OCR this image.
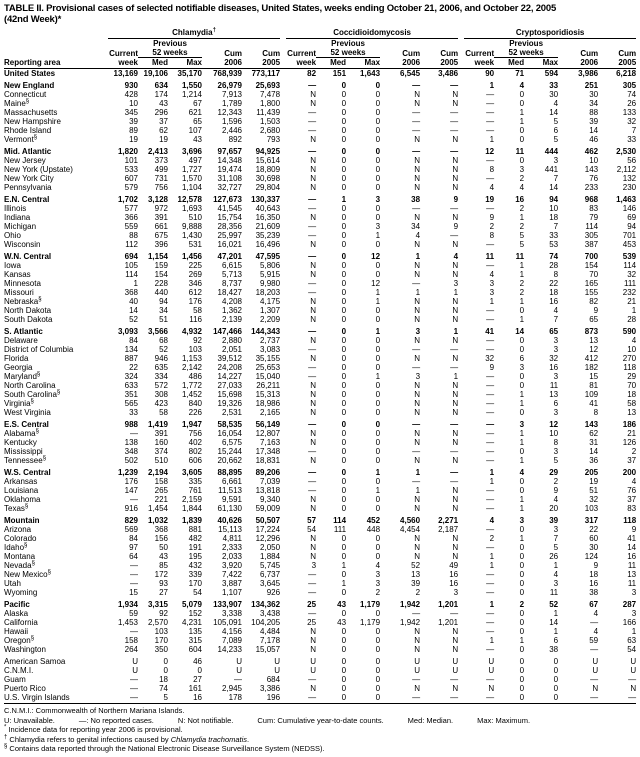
TABLE II. Provisional cases of selected notifiable diseases, United States, weeks ending October 21, 2006, and October 22, 2005
(42nd Week)*
Reporting area		Chlamydia†						Coccidioidomycosis						Cryptosporidiosis				
			Previous						Previous						Previous			
		Current	52 weeks		Cum	Cum		Current	52 weeks		Cum	Cum		Current	52 weeks		Cum	Cum
		week	Med	Max	2006	2005		week	Med	Max	2006	2005		week	Med	Max	2006	2005
United States		13,169	19,106	35,170	768,939	773,117		82	151	1,643	6,545	3,486		90	71	594	3,986	6,218
New England		930	634	1,550	26,979	25,693		—	0	0	—	—		1	4	33	251	305
Connecticut		428	174	1,214	7,913	7,478		N	0	0	N	N		—	0	30	30	74
Maine§		10	43	67	1,789	1,800		N	0	0	N	N		—	0	4	34	26
Massachusetts		345	296	621	12,343	11,439		—	0	0	—	—		—	1	14	88	133
New Hampshire		39	37	65	1,596	1,503		—	0	0	—	—		—	1	5	39	32
Rhode Island		89	62	107	2,446	2,680		—	0	0	—	—		—	0	6	14	7
Vermont§		19	19	43	892	793		N	0	0	N	N		1	0	5	46	33
Mid. Atlantic		1,820	2,413	3,696	97,657	94,925		—	0	0	—	—		12	11	444	462	2,530
New Jersey		101	373	497	14,348	15,614		N	0	0	N	N		—	0	3	10	56
New York (Upstate)		533	499	1,727	19,474	18,809		N	0	0	N	N		8	3	441	143	2,112
New York City		607	731	1,570	31,108	30,698		N	0	0	N	N		—	2	7	76	132
Pennsylvania		579	756	1,104	32,727	29,804		N	0	0	N	N		4	4	14	233	230
E.N. Central		1,702	3,128	12,578	127,673	130,337		—	1	3	38	9		19	16	94	968	1,463
Illinois		577	972	1,693	41,545	40,643		—	0	0	—	—		—	2	10	83	146
Indiana		366	391	510	15,754	16,350		N	0	0	N	N		9	1	18	79	69
Michigan		559	661	9,888	28,356	21,609		—	0	3	34	9		2	2	7	114	94
Ohio		88	675	1,430	25,997	35,239		—	0	1	4	—		8	5	33	305	701
Wisconsin		112	396	531	16,021	16,496		N	0	0	N	N		—	5	53	387	453
W.N. Central		694	1,154	1,456	47,201	47,595		—	0	12	1	4		11	11	74	700	539
Iowa		105	159	225	6,615	5,806		N	0	0	N	N		—	1	28	154	114
Kansas		114	154	269	5,713	5,915		N	0	0	N	N		4	1	8	70	32
Minnesota		1	228	346	8,737	9,980		—	0	12	—	3		3	2	22	165	111
Missouri		368	440	612	18,427	18,203		—	0	1	1	1		3	2	18	155	232
Nebraska§		40	94	176	4,208	4,175		N	0	1	N	N		1	1	16	82	21
North Dakota		14	34	58	1,362	1,307		N	0	0	N	N		—	0	4	9	1
South Dakota		52	51	116	2,139	2,209		N	0	0	N	N		—	1	7	65	28
S. Atlantic		3,093	3,566	4,932	147,466	144,343		—	0	1	3	1		41	14	65	873	590
Delaware		84	68	92	2,880	2,737		N	0	0	N	N		—	0	3	13	4
District of Columbia		134	52	103	2,051	3,083		—	0	0	—	—		—	0	3	12	10
Florida		887	946	1,153	39,512	35,155		N	0	0	N	N		32	6	32	412	270
Georgia		22	635	2,142	24,208	25,653		—	0	0	—	—		9	3	16	182	118
Maryland§		324	334	486	14,227	15,040		—	0	1	3	1		—	0	3	15	29
North Carolina		633	572	1,772	27,033	26,211		N	0	0	N	N		—	0	11	81	70
South Carolina§		351	308	1,452	15,698	15,313		N	0	0	N	N		—	1	13	109	18
Virginia§		565	423	840	19,326	18,986		N	0	0	N	N		—	1	6	41	58
West Virginia		33	58	226	2,531	2,165		N	0	0	N	N		—	0	3	8	13
E.S. Central		988	1,419	1,947	58,535	56,149		—	0	0	—	—		—	3	12	143	186
Alabama§		—	391	756	16,054	12,807		N	0	0	N	N		—	1	10	62	21
Kentucky		138	160	402	6,575	7,163		N	0	0	N	N		—	1	8	31	126
Mississippi		348	374	802	15,244	17,348		—	0	0	—	—		—	0	3	14	2
Tennessee§		502	510	606	20,662	18,831		N	0	0	N	N		—	1	5	36	37
W.S. Central		1,239	2,194	3,605	88,895	89,206		—	0	1	1	—		1	4	29	205	200
Arkansas		176	158	335	6,661	7,039		—	0	0	—	—		1	0	2	19	4
Louisiana		147	265	761	11,513	13,818		—	0	1	1	N		—	0	9	51	76
Oklahoma		—	221	2,159	9,591	9,340		N	0	0	N	N		—	1	4	32	37
Texas§		916	1,454	1,844	61,130	59,009		N	0	0	N	N		—	1	20	103	83
Mountain		829	1,032	1,839	40,626	50,507		57	114	452	4,560	2,271		4	3	39	317	118
Arizona		569	368	881	15,113	17,224		54	111	448	4,454	2,187		—	0	3	22	9
Colorado		84	156	482	4,811	12,296		N	0	0	N	N		2	1	7	60	41
Idaho§		97	50	191	2,333	2,050		N	0	0	N	N		—	0	5	30	14
Montana		64	43	195	2,033	1,884		N	0	0	N	N		1	0	26	124	16
Nevada§		—	85	432	3,920	5,745		3	1	4	52	49		1	0	1	9	11
New Mexico§		—	172	339	7,422	6,737		—	0	3	13	16		—	0	4	18	13
Utah		—	93	170	3,887	3,645		—	1	3	39	16		—	0	3	16	11
Wyoming		15	27	54	1,107	926		—	0	2	2	3		—	0	11	38	3
Pacific		1,934	3,315	5,079	133,907	134,362		25	43	1,179	1,942	1,201		1	2	52	67	287
Alaska		59	92	152	3,338	3,438		—	0	0	—	—		—	0	1	4	3
California		1,453	2,570	4,231	105,091	104,205		25	43	1,179	1,942	1,201		—	0	14	—	166
Hawaii		—	103	135	4,156	4,484		N	0	0	N	N		—	0	1	4	1
Oregon§		158	170	315	7,089	7,178		N	0	0	N	N		1	1	6	59	63
Washington		264	350	604	14,233	15,057		N	0	0	N	N		—	0	38	—	54
American Samoa		U	0	46	U	U		U	0	0	U	U		U	0	0	U	U
C.N.M.I.		U	0	0	U	U		U	0	0	U	U		U	0	0	U	U
Guam		—	18	27	—	684		—	0	0	—	—		—	0	0	—	—
Puerto Rico		—	74	161	2,945	3,386		N	0	0	N	N		N	0	0	N	N
U.S. Virgin Islands		—	5	16	178	196		—	0	0	—	—		—	0	0	—	—
C.N.M.I.: Commonwealth of Northern Mariana Islands.
U: Unavailable.	—: No reported cases.	N: Not notifiable.	Cum: Cumulative year-to-date counts.	Med: Median.	Max: Maximum.
* Incidence data for reporting year 2006 is provisional.
† Chlamydia refers to genital infections caused by Chlamydia trachomatis.
§ Contains data reported through the National Electronic Disease Surveillance System (NEDSS).
